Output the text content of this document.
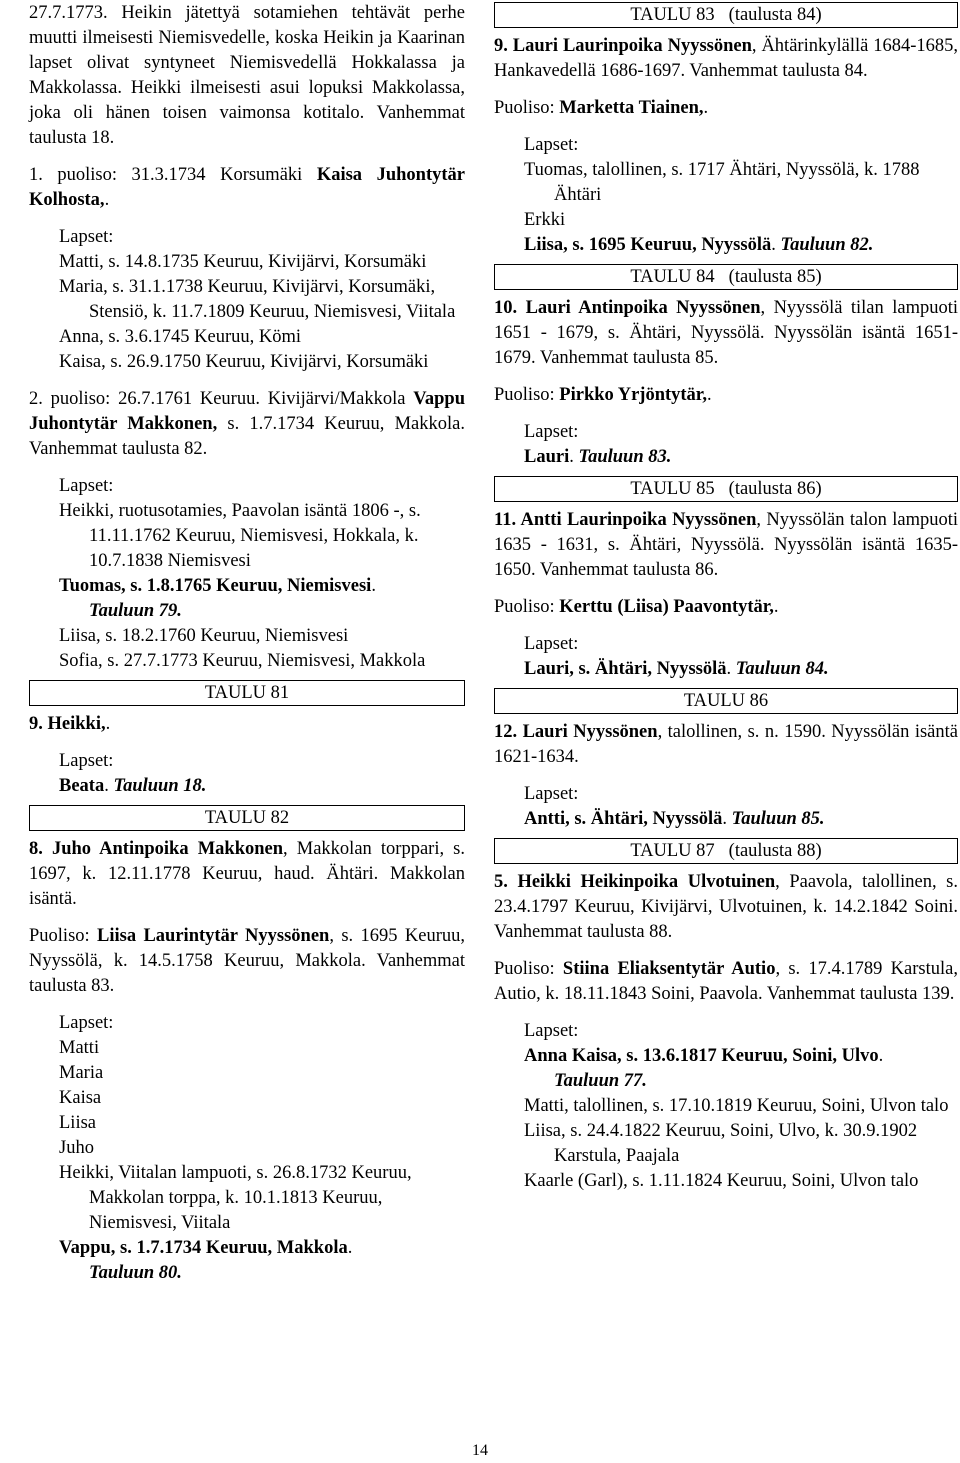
27.7.1773. Heikin jätettyä sotamiehen tehtävät perhe muutti ilmeisesti Niemisvedelle, koska Heikin ja Kaarinan lapset olivat syntyneet Niemisvedellä Hokkalassa ja Makkolassa. Heikki ilmeisesti asui lopuksi Makkolassa, joka oli hänen toisen vaimonsa kotitalo. Vanhemmat taulusta 18.

1. puoliso: 31.3.1734 Korsumäki Kaisa Juhontytär Kolhosta,.

Lapset:
Matti, s. 14.8.1735 Keuruu, Kivijärvi, Korsumäki
Maria, s. 31.1.1738 Keuruu, Kivijärvi, Korsumäki, Stensiö, k. 11.7.1809 Keuruu, Niemisvesi, Viitala
Anna, s. 3.6.1745 Keuruu, Kömi
Kaisa, s. 26.9.1750 Keuruu, Kivijärvi, Korsumäki

2. puoliso: 26.7.1761 Keuruu. Kivijärvi/Makkola Vappu Juhontytär Makkonen, s. 1.7.1734 Keuruu, Makkola. Vanhemmat taulusta 82.

Lapset:
Heikki, ruotusotamies, Paavolan isäntä 1806 -, s. 11.11.1762 Keuruu, Niemisvesi, Hokkala, k. 10.7.1838 Niemisvesi
Tuomas, s. 1.8.1765 Keuruu, Niemisvesi.
Tauluun 79.
Liisa, s. 18.2.1760 Keuruu, Niemisvesi
Sofia, s. 27.7.1773 Keuruu, Niemisvesi, Makkola
TAULU 81

9. Heikki,.

Lapset:
Beata. Tauluun 18.
TAULU 82

8. Juho Antinpoika Makkonen, Makkolan torppari, s. 1697, k. 12.11.1778 Keuruu, haud. Ähtäri. Makkolan isäntä.

Puoliso: Liisa Laurintytär Nyyssönen, s. 1695 Keuruu, Nyyssölä, k. 14.5.1758 Keuruu, Makkola. Vanhemmat taulusta 83.

Lapset:
Matti
Maria
Kaisa
Liisa
Juho
Heikki, Viitalan lampuoti, s. 26.8.1732 Keuruu, Makkolan torppa, k. 10.1.1813 Keuruu, Niemisvesi, Viitala
Vappu, s. 1.7.1734 Keuruu, Makkola.
Tauluun 80.
TAULU 83 (taulusta 84)

9. Lauri Laurinpoika Nyyssönen, Ähtärinkylällä 1684-1685, Hankavedellä 1686-1697. Vanhemmat taulusta 84.

Puoliso: Marketta Tiainen,.

Lapset:
Tuomas, talollinen, s. 1717 Ähtäri, Nyyssölä, k. 1788 Ähtäri
Erkki
Liisa, s. 1695 Keuruu, Nyyssölä. Tauluun 82.
TAULU 84 (taulusta 85)

10. Lauri Antinpoika Nyyssönen, Nyyssölä tilan lampuoti 1651 - 1679, s. Ähtäri, Nyyssölä. Nyyssölän isäntä 1651-1679. Vanhemmat taulusta 85.

Puoliso: Pirkko Yrjöntytär,.

Lapset:
Lauri. Tauluun 83.
TAULU 85 (taulusta 86)

11. Antti Laurinpoika Nyyssönen, Nyyssölän talon lampuoti 1635 - 1631, s. Ähtäri, Nyyssölä. Nyyssölän isäntä 1635-1650. Vanhemmat taulusta 86.

Puoliso: Kerttu (Liisa) Paavontytär,.

Lapset:
Lauri, s. Ähtäri, Nyyssölä. Tauluun 84.
TAULU 86

12. Lauri Nyyssönen, talollinen, s. n. 1590. Nyyssölän isäntä 1621-1634.

Lapset:
Antti, s. Ähtäri, Nyyssölä. Tauluun 85.
TAULU 87 (taulusta 88)

5. Heikki Heikinpoika Ulvotuinen, Paavola, talollinen, s. 23.4.1797 Keuruu, Kivijärvi, Ulvotuinen, k. 14.2.1842 Soini. Vanhemmat taulusta 88.

Puoliso: Stiina Eliaksentytär Autio, s. 17.4.1789 Karstula, Autio, k. 18.11.1843 Soini, Paavola. Vanhemmat taulusta 139.

Lapset:
Anna Kaisa, s. 13.6.1817 Keuruu, Soini, Ulvo.
Tauluun 77.
Matti, talollinen, s. 17.10.1819 Keuruu, Soini, Ulvon talo
Liisa, s. 24.4.1822 Keuruu, Soini, Ulvo, k. 30.9.1902 Karstula, Paajala
Kaarle (Garl), s. 1.11.1824 Keuruu, Soini, Ulvon talo
14
